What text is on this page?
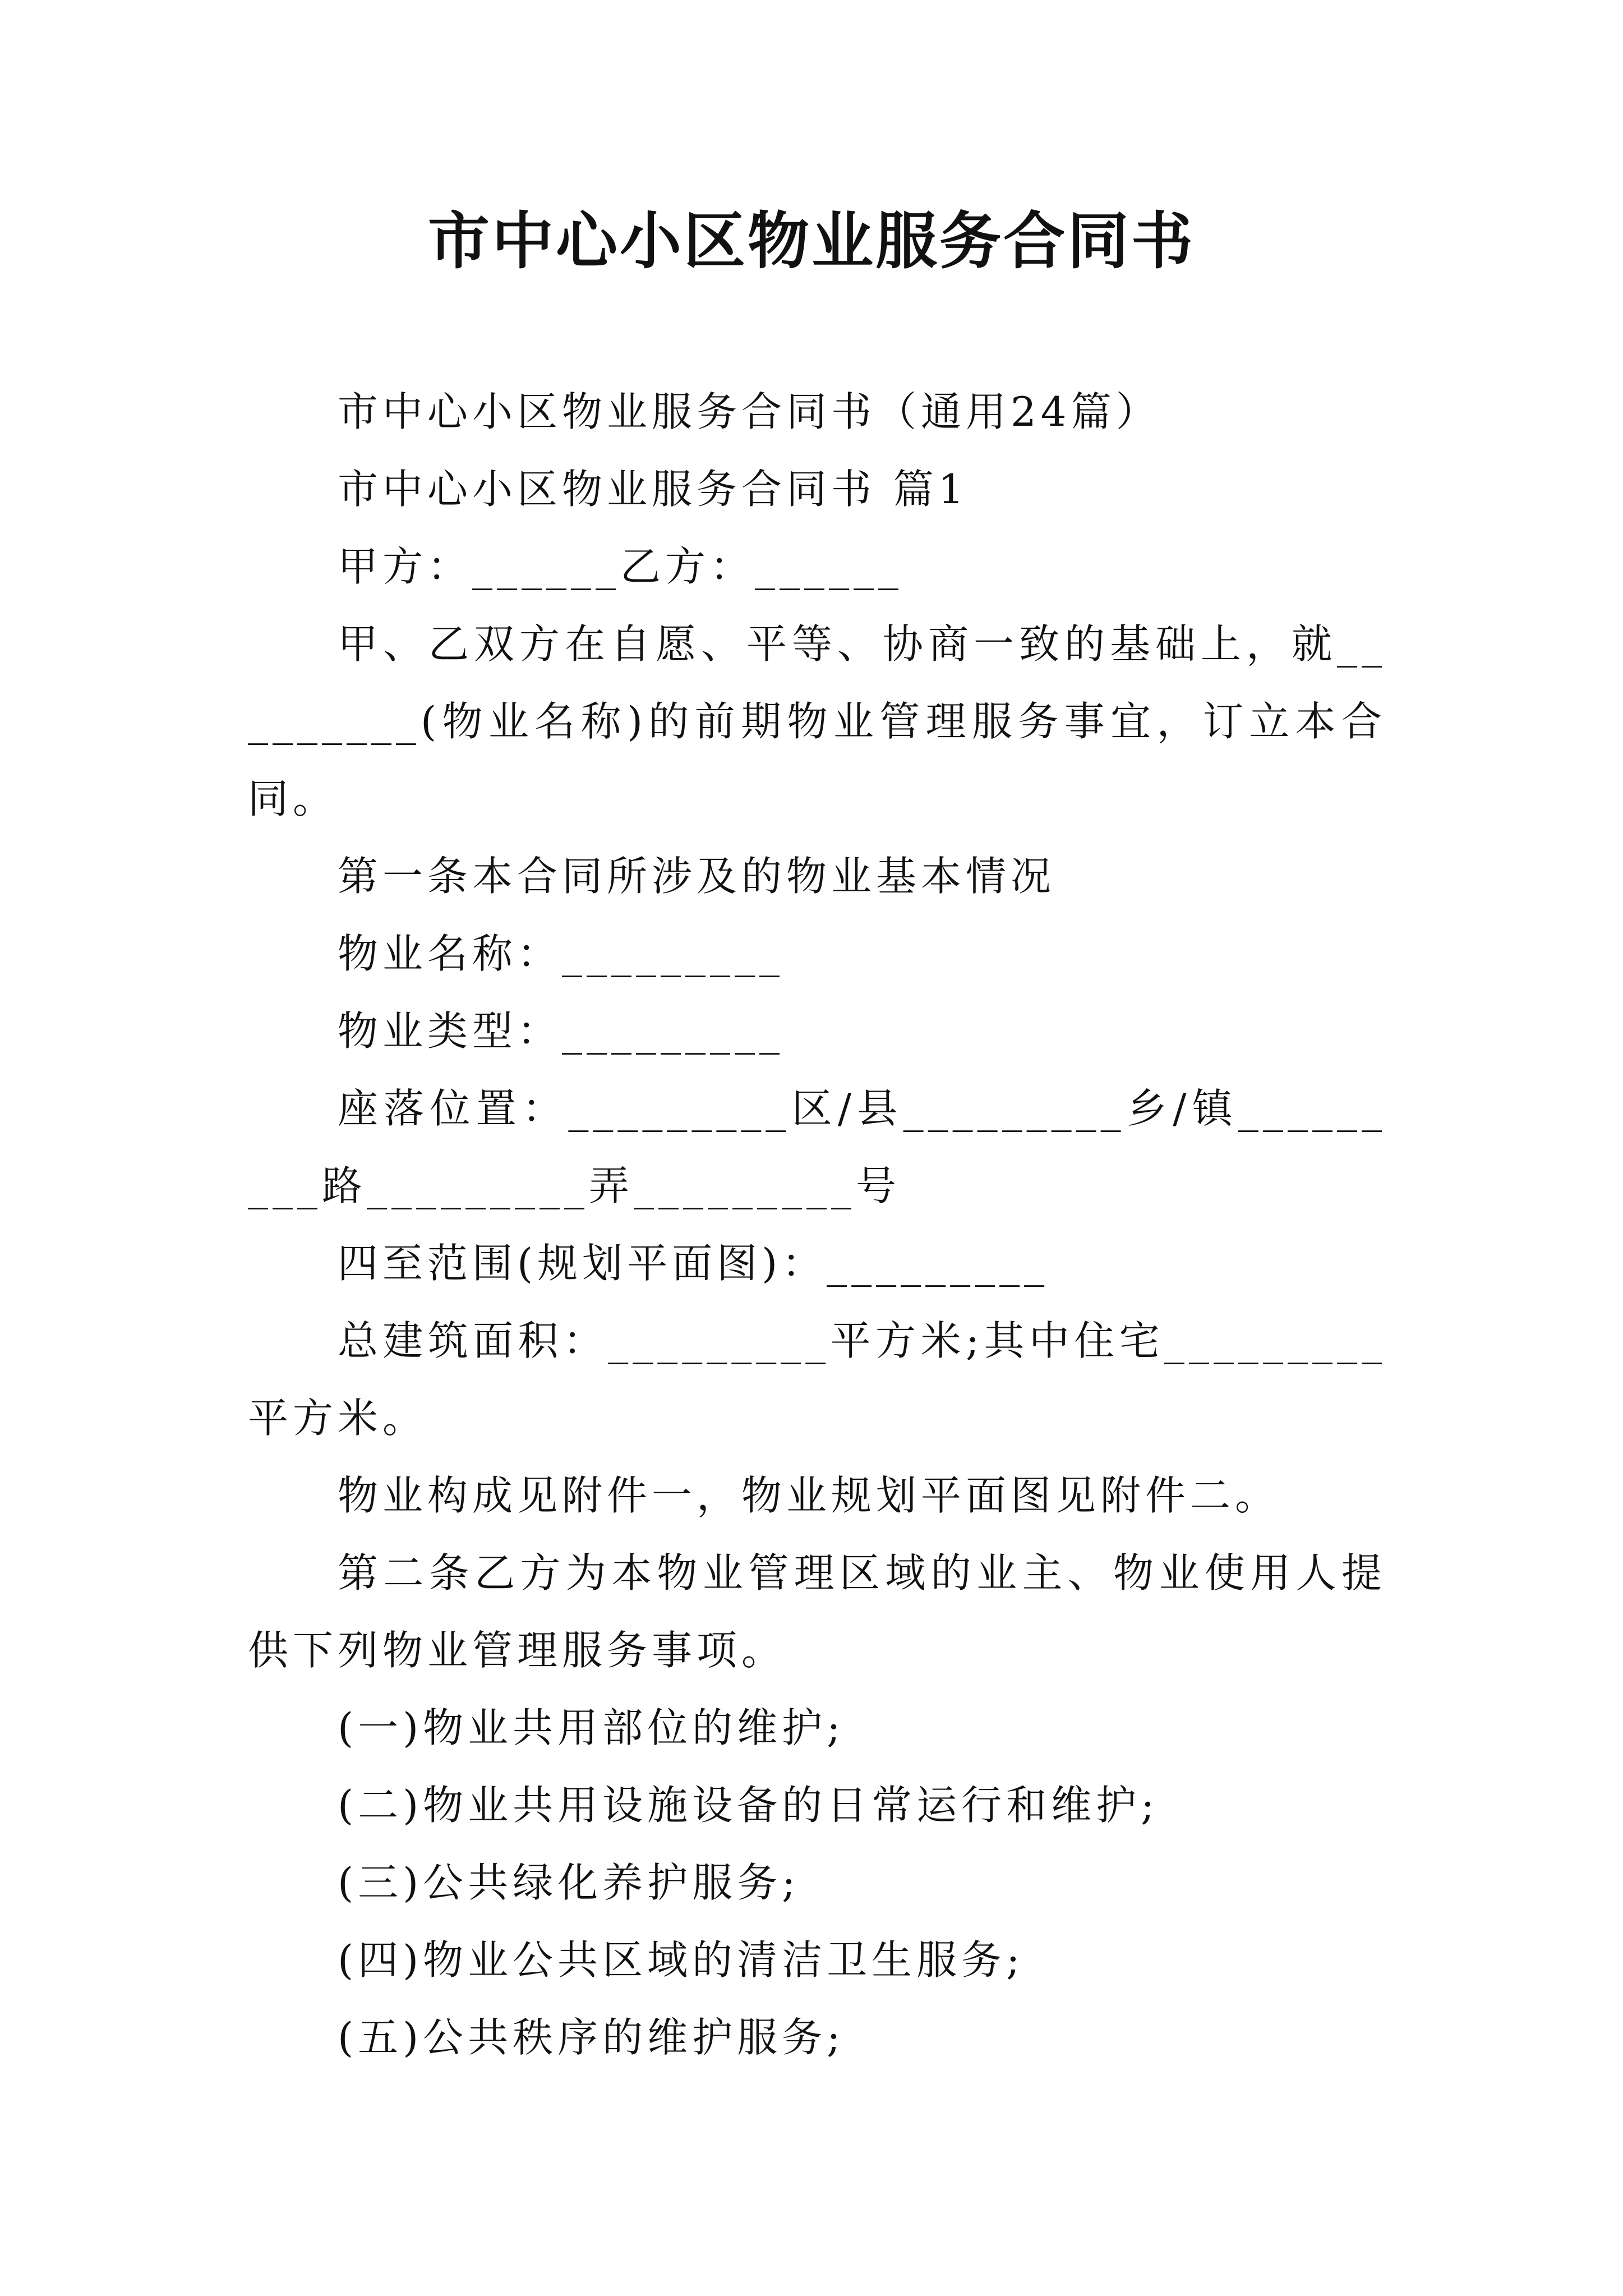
市中心小区物业服务合同书

市中心小区物业服务合同书（通用24篇）

市中心小区物业服务合同书 篇1

甲方：______乙方：______

甲、乙双方在自愿、平等、协商一致的基础上，就_________(物业名称)的前期物业管理服务事宜，订立本合同。

第一条本合同所涉及的物业基本情况

物业名称：_________

物业类型：_________

座落位置：_________区/县_________乡/镇_________路_________弄_________号

四至范围(规划平面图)：_________

总建筑面积：_________平方米;其中住宅_________平方米。

物业构成见附件一，物业规划平面图见附件二。

第二条乙方为本物业管理区域的业主、物业使用人提供下列物业管理服务事项。

(一)物业共用部位的维护;

(二)物业共用设施设备的日常运行和维护;

(三)公共绿化养护服务;

(四)物业公共区域的清洁卫生服务;

(五)公共秩序的维护服务;
